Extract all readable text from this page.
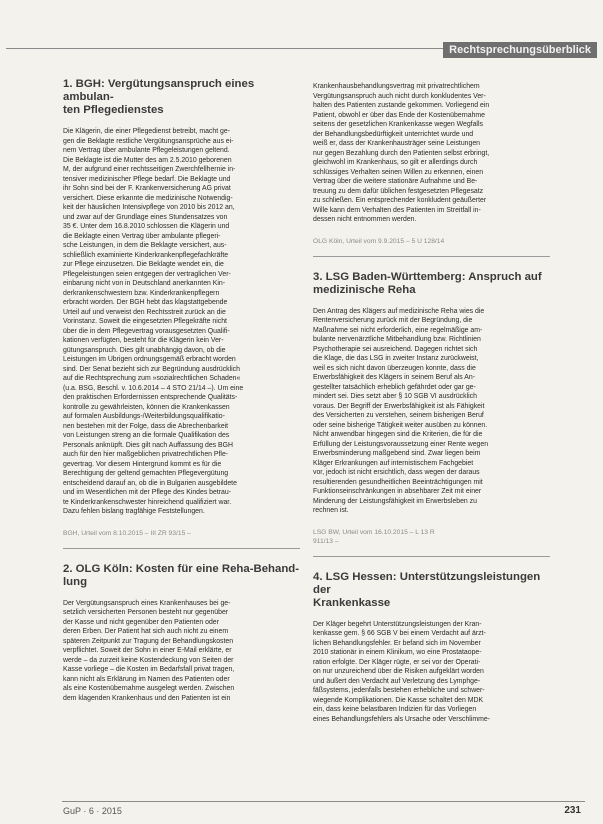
Rechtsprechungsüberblick
1. BGH: Vergütungsanspruch eines ambulan-
ten Pflegedienstes

Die Klägerin, die einer Pflegedienst betreibt, macht ge-
gen die Beklagte restliche Vergütungsansprüche aus ei-
nem Vertrag über ambulante Pflegeleistungen geltend.
Die Beklagte ist die Mutter des am 2.5.2010 geborenen
M, der aufgrund einer rechtsseitigen Zwerchfellhernie in-
tensiver medizinischer Pflege bedarf. Die Beklagte und
ihr Sohn sind bei der F. Krankenversicherung AG privat
versichert. Diese erkannte die medizinische Notwendig-
keit der häuslichen Intensivpflege von 2010 bis 2012 an,
und zwar auf der Grundlage eines Stundensatzes von
35 €. Unter dem 16.8.2010 schlossen die Klägerin und
die Beklagte einen Vertrag über ambulante pflegeri-
sche Leistungen, in dem die Beklagte versichert, aus-
schließlich examinierte Kinderkrankenpflegefachkräfte
zur Pflege einzusetzen. Die Beklagte wendet ein, die
Pflegeleistungen seien entgegen der vertraglichen Ver-
einbarung nicht von in Deutschland anerkannten Kin-
derkrankenschwestern bzw. Kinderkrankenpflegern
erbracht worden. Der BGH hebt das klagstattgebende
Urteil auf und verweist den Rechtsstreit zurück an die
Vorinstanz. Soweit die eingesetzten Pflegekräfte nicht
über die in dem Pflegevertrag vorausgesetzten Qualifi-
kationen verfügten, besteht für die Klägerin kein Ver-
gütungsanspruch. Dies gilt unabhängig davon, ob die
Leistungen im Übrigen ordnungsgemäß erbracht worden
sind. Der Senat bezieht sich zur Begründung ausdrücklich
auf die Rechtsprechung zum »sozialrechtlichen Schaden«
(u.a. BSG, Beschl. v. 10.6.2014 – 4 STO 21/14 –). Um eine
den praktischen Erfordernissen entsprechende Qualitäts-
kontrolle zu gewährleisten, können die Krankenkassen
auf formalen Ausbildungs-/Weiterbildungsqualifikatio-
nen bestehen mit der Folge, dass die Abrechenbarkeit
von Leistungen streng an die formale Qualifikation des
Personals anknüpft. Dies gilt nach Auffassung des BGH
auch für den hier maßgeblichen privatrechtlichen Pfle-
gevertrag. Vor diesem Hintergrund kommt es für die
Berechtigung der geltend gemachten Pflegevergütung
entscheidend darauf an, ob die in Bulgarien ausgebildete
und im Wesentlichen mit der Pflege des Kindes betrau-
te Kinderkrankenschwester hinreichend qualifiziert war.
Dazu fehlen bislang tragfähige Feststellungen.

BGH, Urteil vom 8.10.2015 – III ZR 93/15 –
2. OLG Köln: Kosten für eine Reha-Behand-
lung

Der Vergütungsanspruch eines Krankenhauses bei ge-
setzlich versicherten Personen besteht nur gegenüber
der Kasse und nicht gegenüber den Patienten oder
deren Erben. Der Patient hat sich auch nicht zu einem
späteren Zeitpunkt zur Tragung der Behandlungskosten
verpflichtet. Soweit der Sohn in einer E-Mail erklärte, er
werde – da zurzeit keine Kostendeckung von Seiten der
Kasse vorliege – die Kosten im Bedarfsfall privat tragen,
kann nicht als Erklärung im Namen des Patienten oder
als eine Kostenübernahme ausgelegt werden. Zwischen
dem klagenden Krankenhaus und den Patienten ist ein

Krankenhausbehandlungsvertrag mit privatrechtlichem
Vergütungsanspruch auch nicht durch konkludentes Ver-
halten des Patienten zustande gekommen. Vorliegend ein
Patient, obwohl er über das Ende der Kostenübernahme
seitens der gesetzlichen Krankenkasse wegen Wegfalls
der Behandlungsbedürftigkeit unterrichtet wurde und
weiß er, dass der Krankenhausträger seine Leistungen
nur gegen Bezahlung durch den Patienten selbst erbringt,
gleichwohl im Krankenhaus, so gilt er allerdings durch
schlüssiges Verhalten seinen Willen zu erkennen, einen
Vertrag über die weitere stationäre Aufnahme und Be-
treuung zu dem dafür üblichen festgesetzten Pflegesatz
zu schließen. Ein entsprechender konkludent geäußerter
Wille kann dem Verhalten des Patienten im Streitfall in-
dessen nicht entnommen werden.

OLG Köln, Urteil vom 9.9.2015 – 5 U 128/14
3. LSG Baden-Württemberg: Anspruch auf
medizinische Reha

Den Antrag des Klägers auf medizinische Reha wies die
Rentenversicherung zurück mit der Begründung, die
Maßnahme sei nicht erforderlich, eine regelmäßige am-
bulante nervenärztliche Mitbehandlung bzw. Richtlinien
Psychotherapie sei ausreichend. Dagegen richtet sich
die Klage, die das LSG in zweiter Instanz zurückweist,
weil es sich nicht davon überzeugen konnte, dass die
Erwerbsfähigkeit des Klägers in seinem Beruf als An-
gestellter tatsächlich erheblich gefährdet oder gar ge-
mindert sei. Dies setzt aber § 10 SGB VI ausdrücklich
voraus. Der Begriff der Erwerbsfähigkeit ist als Fähigkeit
des Versicherten zu verstehen, seinem bisherigen Beruf
oder seine bisherige Tätigkeit weiter ausüben zu können.
Nicht anwendbar hingegen sind die Kriterien, die für die
Erfüllung der Leistungsvoraussetzung einer Rente wegen
Erwerbsminderung maßgebend sind. Zwar liegen beim
Kläger Erkrankungen auf internistischem Fachgebiet
vor, jedoch ist nicht ersichtlich, dass wegen der daraus
resultierenden gesundheitlichen Beeinträchtigungen mit
Funktionseinschränkungen in absehbarer Zeit mit einer
Minderung der Leistungsfähigkeit im Erwerbsleben zu
rechnen ist.

LSG BW, Urteil vom 16.10.2015 – L 13 R
911/13 –
4. LSG Hessen: Unterstützungsleistungen der
Krankenkasse

Der Kläger begehrt Unterstützungsleistungen der Kran-
kenkasse gem. § 66 SGB V bei einem Verdacht auf ärzt-
lichen Behandlungsfehler. Er befand sich im November
2010 stationär in einem Klinikum, wo eine Prostataope-
ration erfolgte. Der Kläger rügte, er sei vor der Operati-
on nur unzureichend über die Risiken aufgeklärt worden
und äußert den Verdacht auf Verletzung des Lymphge-
fäßsystems, jedenfalls bestehen erhebliche und schwer-
wiegende Komplikationen. Die Kasse schaltet den MDK
ein, dass keine belastbaren Indizien für das Vorliegen
eines Behandlungsfehlers als Ursache oder Verschlimme-

GuP · 6 · 2015	231
